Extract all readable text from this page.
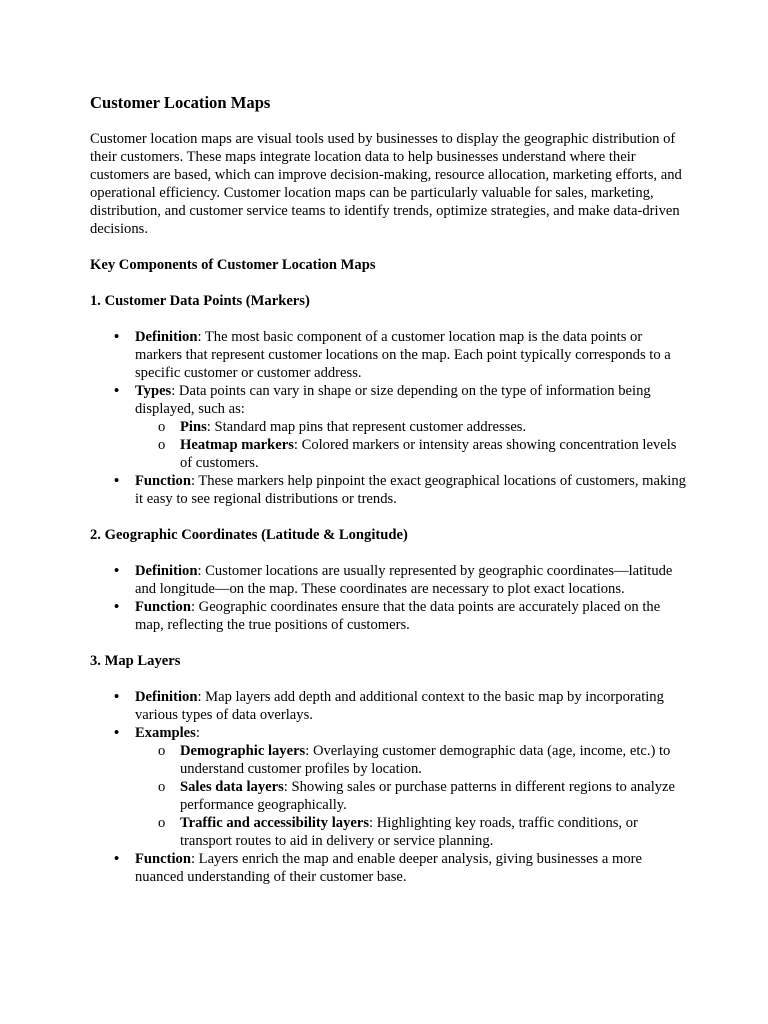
Customer Location Maps

Customer location maps are visual tools used by businesses to display the geographic distribution of their customers. These maps integrate location data to help businesses understand where their customers are based, which can improve decision-making, resource allocation, marketing efforts, and operational efficiency. Customer location maps can be particularly valuable for sales, marketing, distribution, and customer service teams to identify trends, optimize strategies, and make data-driven decisions.

Key Components of Customer Location Maps
1. Customer Data Points (Markers)
• Definition: The most basic component of a customer location map is the data points or markers that represent customer locations on the map. Each point typically corresponds to a specific customer or customer address.
• Types: Data points can vary in shape or size depending on the type of information being displayed, such as:
o Pins: Standard map pins that represent customer addresses.
o Heatmap markers: Colored markers or intensity areas showing concentration levels of customers.
• Function: These markers help pinpoint the exact geographical locations of customers, making it easy to see regional distributions or trends.
2. Geographic Coordinates (Latitude & Longitude)
• Definition: Customer locations are usually represented by geographic coordinates—latitude and longitude—on the map. These coordinates are necessary to plot exact locations.
• Function: Geographic coordinates ensure that the data points are accurately placed on the map, reflecting the true positions of customers.
3. Map Layers
• Definition: Map layers add depth and additional context to the basic map by incorporating various types of data overlays.
• Examples:
o Demographic layers: Overlaying customer demographic data (age, income, etc.) to understand customer profiles by location.
o Sales data layers: Showing sales or purchase patterns in different regions to analyze performance geographically.
o Traffic and accessibility layers: Highlighting key roads, traffic conditions, or transport routes to aid in delivery or service planning.
• Function: Layers enrich the map and enable deeper analysis, giving businesses a more nuanced understanding of their customer base.
